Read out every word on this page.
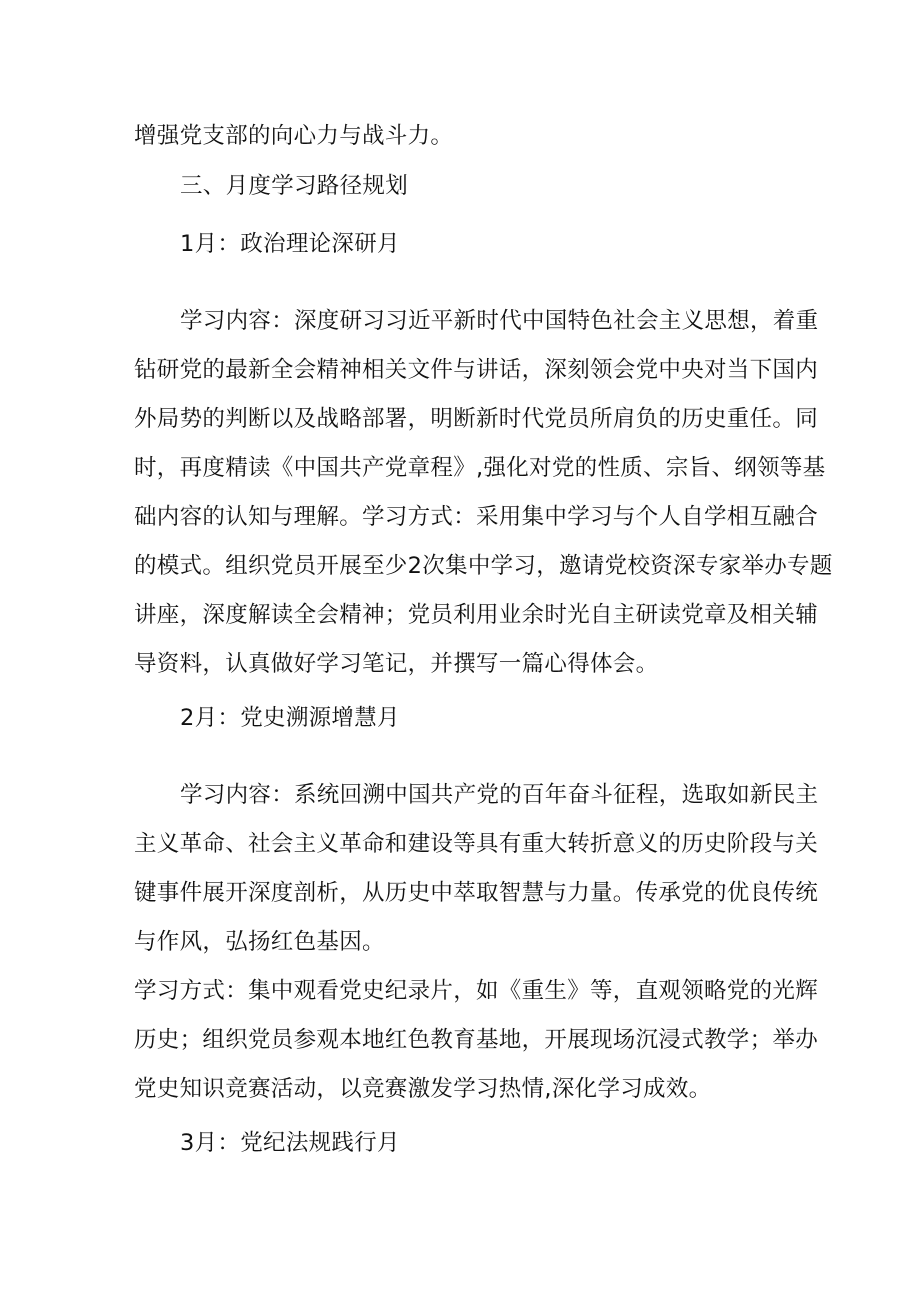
增强党支部的向心力与战斗力。
三、月度学习路径规划
1月：政治理论深研月
学习内容：深度研习习近平新时代中国特色社会主义思想，着重
钻研党的最新全会精神相关文件与讲话，深刻领会党中央对当下国内
外局势的判断以及战略部署，明断新时代党员所肩负的历史重任。同
时，再度精读《中国共产党章程》,强化对党的性质、宗旨、纲领等基
础内容的认知与理解。学习方式：采用集中学习与个人自学相互融合
的模式。组织党员开展至少2次集中学习，邀请党校资深专家举办专题
讲座，深度解读全会精神；党员利用业余时光自主研读党章及相关辅
导资料，认真做好学习笔记，并撰写一篇心得体会。
2月：党史溯源增慧月
学习内容：系统回溯中国共产党的百年奋斗征程，选取如新民主
主义革命、社会主义革命和建设等具有重大转折意义的历史阶段与关
键事件展开深度剖析，从历史中萃取智慧与力量。传承党的优良传统
与作风，弘扬红色基因。
学习方式：集中观看党史纪录片，如《重生》等，直观领略党的光辉
历史；组织党员参观本地红色教育基地，开展现场沉浸式教学；举办
党史知识竞赛活动，以竞赛激发学习热情,深化学习成效。
3月：党纪法规践行月
